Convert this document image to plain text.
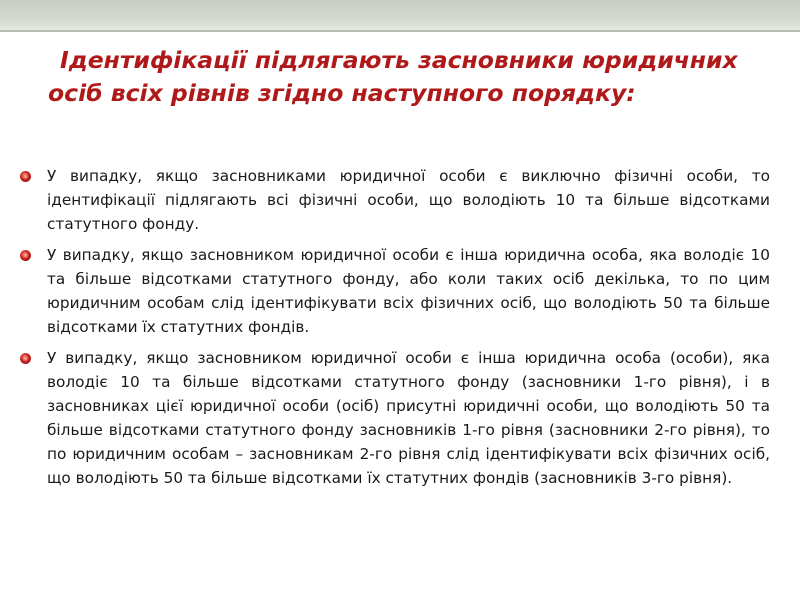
Ідентифікації підлягають засновники юридичних осіб всіх рівнів згідно наступного порядку:

У випадку, якщо засновниками юридичної особи є виключно фізичні особи, то ідентифікації підлягають всі фізичні особи, що володіють 10 та більше відсотками статутного фонду.
У випадку, якщо засновником юридичної особи є інша юридична особа, яка володіє 10 та більше відсотками статутного фонду, або коли таких осіб декілька, то по цим юридичним особам слід ідентифікувати всіх фізичних осіб, що володіють 50 та більше відсотками їх статутних фондів.
У випадку, якщо засновником юридичної особи є інша юридична особа (особи), яка володіє 10 та більше відсотками статутного фонду (засновники 1-го рівня), і в засновниках цієї юридичної особи (осіб) присутні юридичні особи, що володіють 50 та більше відсотками статутного фонду засновників 1-го рівня (засновники 2-го рівня), то по юридичним особам – засновникам 2-го рівня слід ідентифікувати всіх фізичних осіб, що володіють 50 та більше відсотками їх статутних фондів (засновників 3-го рівня).
